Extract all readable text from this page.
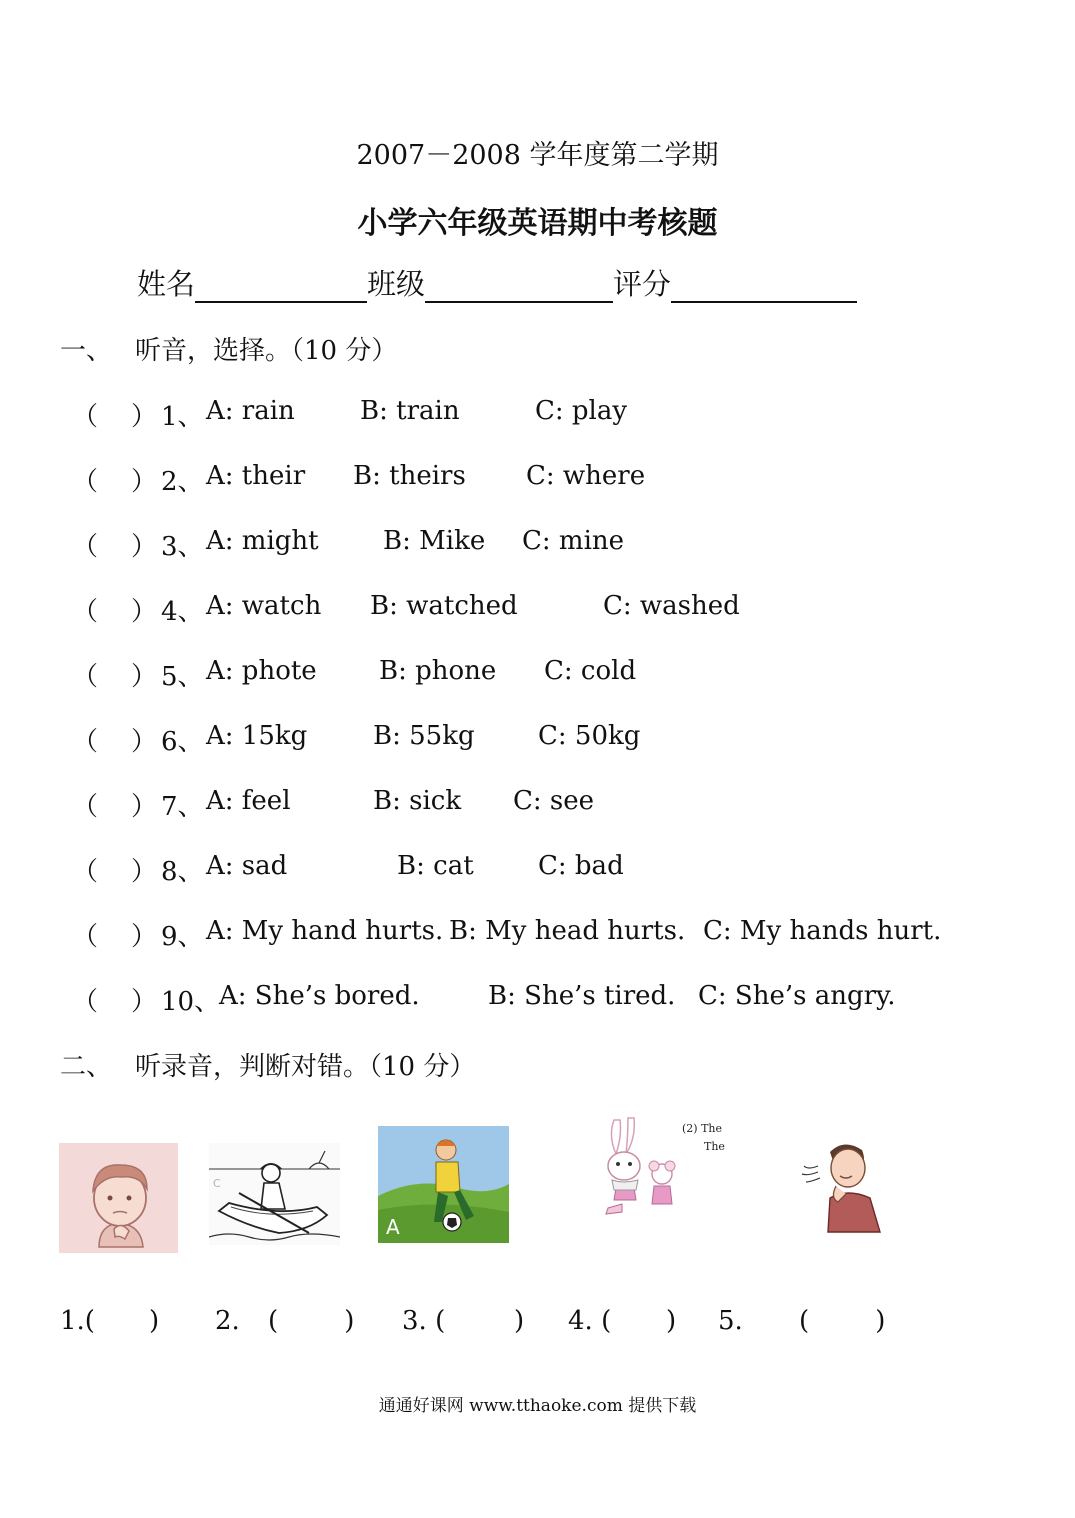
2007－2008 学年度第二学期
小学六年级英语期中考核题
姓名	班级	评分
一、 听音，选择。（10 分）
（    ） 1、 A: rain	B: train	C: play
（    ） 2、 A: their B: theirs C: where
（    ） 3、 A: might B: Mike C: mine
（    ） 4、 A: watch B: watched	C: washed
（    ） 5、 A: phote B: phone C: cold
（    ） 6、 A: 15kg	B: 55kg C: 50kg
（    ） 7、 A: feel	B: sick C: see
（    ） 8、 A: sad	B: cat C: bad
（    ） 9、 A: My hand hurts. B: My head hurts. C: My hands hurt.
（    ） 10、
A: She’s bored.	B: She’s tired. C: She’s angry.
二、 听录音，判断对错。（10 分）
C
A
(2) The
The
1.( ) 2. (        ) 3. (	) 4. ( ) 5. (        )
通通好课网 www.tthaoke.com 提供下载
